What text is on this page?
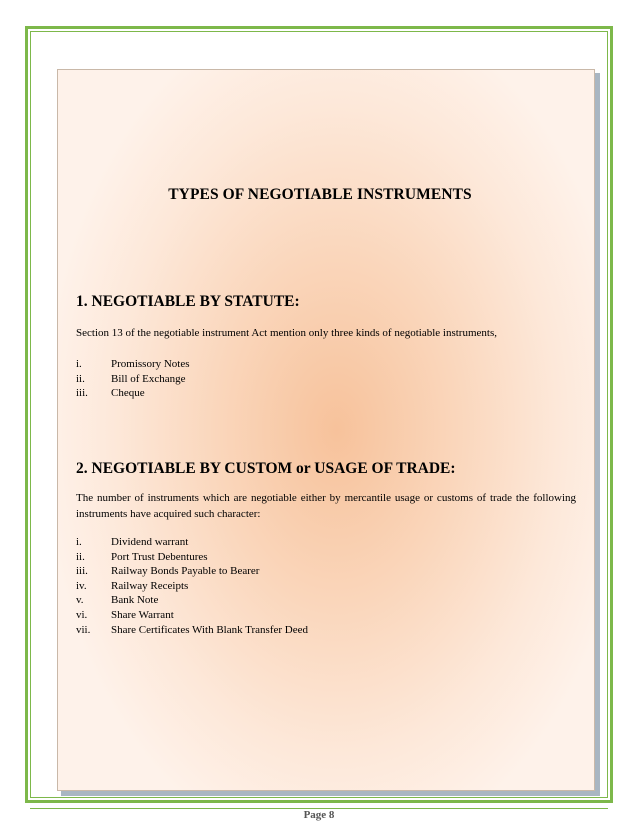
TYPES OF NEGOTIABLE INSTRUMENTS
1. NEGOTIABLE BY STATUTE:
Section 13 of the negotiable instrument Act mention only three kinds of negotiable instruments,
i.	Promissory Notes
ii.	Bill of Exchange
iii.	Cheque
2. NEGOTIABLE BY CUSTOM or USAGE OF TRADE:
The number of instruments which are negotiable either by mercantile usage or customs of trade the following instruments have acquired such character:
i.	Dividend warrant
ii.	Port Trust Debentures
iii.	Railway Bonds Payable to Bearer
iv.	Railway Receipts
v.	Bank Note
vi.	Share Warrant
vii.	Share Certificates With Blank Transfer Deed
Page 8
